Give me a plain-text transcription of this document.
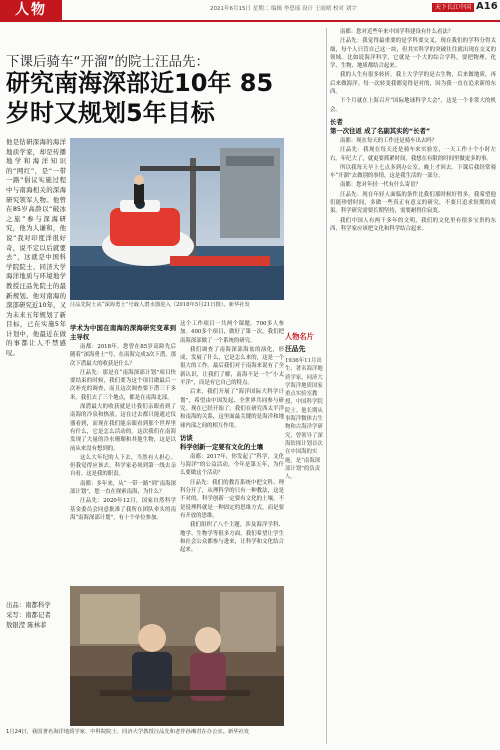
人物	2021年6月15日 星期二 编辑 李思瑶 设计 王雨晴 校对 刘宇	天下长江中国 A16
下课后骑车“开溜”的院士汪品先：
研究南海深部近10年 85岁时又规划5年目标
他是钻研深海的海洋地质学家，却是传播地学和海洋知识的“网红”，是“一带一路”倡议实施过程中与南海相关的深海研究领军人物。他曾在85岁高龄以“破冰之旅”参与深海研究，他为人谦和，他说“我对印度洋很好奇，说不定以后就要去”，这就是中国科学院院士、同济大学海洋地质与环境地学教授汪品先院士的最新规划。他对南海的深部研究近10年，又为未来五年规划了新目标，已在实施5年计划中，他最近在做的事都让人不禁感叹。
出品：南都科学
采写：南都记者
敖银滢 陈林菲
汪品先院士从“深海勇士”号载人潜水器进入（2018年5月21日摄）。新华社发

学术为中国在南海的深海研究变革到主导权

南都：2018年，您曾在85岁高龄先后随着“深海勇士”号，在南海完成3次下潜。那次下潜最大的收获是什么？

汪品先：那是在“南海深部计划”项目快要结束的时候，我们要为这个项目做最后一次补充的调查，而且这次调查要下潜三千多米。我们去了三个地点，都是在南海北部。

深潜最大的收获就是让我们亲眼看到了南海的冷泉和热液。这在过去都只能通过仪器看到，而现在我们能亲眼看到那个世界里有什么，它是怎么活动的。这次我们在南海发现了大量的冷水珊瑚和其他生物，这是以前从来没有想到的。

这么大年纪的人下去，当然有人担心。但我觉得应该去，科学家必须到第一线去亲自看。这是我的职责。

南都：多年来，从“一带一路”到“南海深部计划”，您一直在探索南海，为什么？

汪品先：2020年12月，国家自然科学基金委员会同意批准了我所在团队牵头的南海“南海深部计划”，有十个单位参加。

这个工作项目一共两个课题。700多人参加。400多个项目，做好了第一次，我们把南海深部做了一个系统的研究。

我们调查了南海深部海盆的演化，形成、发展了什么，它是怎么来的，这是一个很大的工作。最后我们对于南海来说有了全新认识，让我们了解，南海不是一个“小太平洋”，而是有它自己的特点。

后来，我们开展了“海洋国际大科学计划”，希望由中国发起、全世界共同参与研究。现在已经开始了。我们在研究西太平洋和南海的关系，这里面最关键的是海洋和地球内部之间的相互作用。

访谈
科学创新一定要有文化的土壤

南都：2017年，你发起了“科学，文化与海洋”的公益活动，今年是第五年，为什么要做这个活动？

汪品先：我们的教育系统中把文科、理科分开了，从理科学的只有一种教法，这是不对的。科学创新一定要有文化的土壤，不是说理科就是一种固定的思维方式，而是要有开放的思维。

我们组织了八个主题，涉及海洋学科、地学、生物学等很多方面。我们希望让学生和社会公众都参与进来，让科学和文化结合起来。

人物名片
汪品先
1936年11月出生，著名海洋地质学家，同济大学海洋地质国家重点实验室教授、中国科学院院士。他长期从事海洋微体古生物和古海洋学研究，曾领导了深海钻探计划首次在中国海的实施，是“南海深部计划”的负责人。

南都：您对近些年来中国学科建设有什么看法？

汪品先：我觉得最重要的是学科要交叉，现在我们的学科分得太细，每个人只管自己这一块，但其实科学的突破往往就出现在交叉的领域。比如说海洋科学，它就是一个大的综合学科，要把物理、化学、生物、地质都结合起来。

我的人生有很多转折。我上大学学的是古生物，后来做地质，再后来做海洋。每一次转变我都觉得是对的，因为我一直在追求新的东西。

下个月就在上海召开“国际地球科学大会”，这是一个非常大的机会。

长者
第一次往返 成了名副其实的“长者”

南都：现在每天的工作还是骑车出去吗？

汪品先：我现在每天还是骑车来实验室，一天工作十个小时左右。年纪大了，就更要抓紧时间，我想在有限的时间里做更多的事。

所以我每天早上七点多到办公室，晚上才回去。下课后我经常骑车“开溜”去做别的事情，这是我生活的一部分。

南都：您对年轻一代有什么寄语？

汪品先：现在年轻人面临的条件比我们那时候好得多，我希望他们能珍惜时间，多做一些真正有意义的研究，不要只追求短期的成果。科学研究需要长期坚持，需要耐得住寂寞。

我们中国人有两千多年的文明，我们的文化里有很多宝贵的东西，科学家应该把文化和科学结合起来。

1月24日，我国著名海洋地质学家、中科院院士、同济大学教授汪品先和老伴孙湘君在办公室。新华社发
